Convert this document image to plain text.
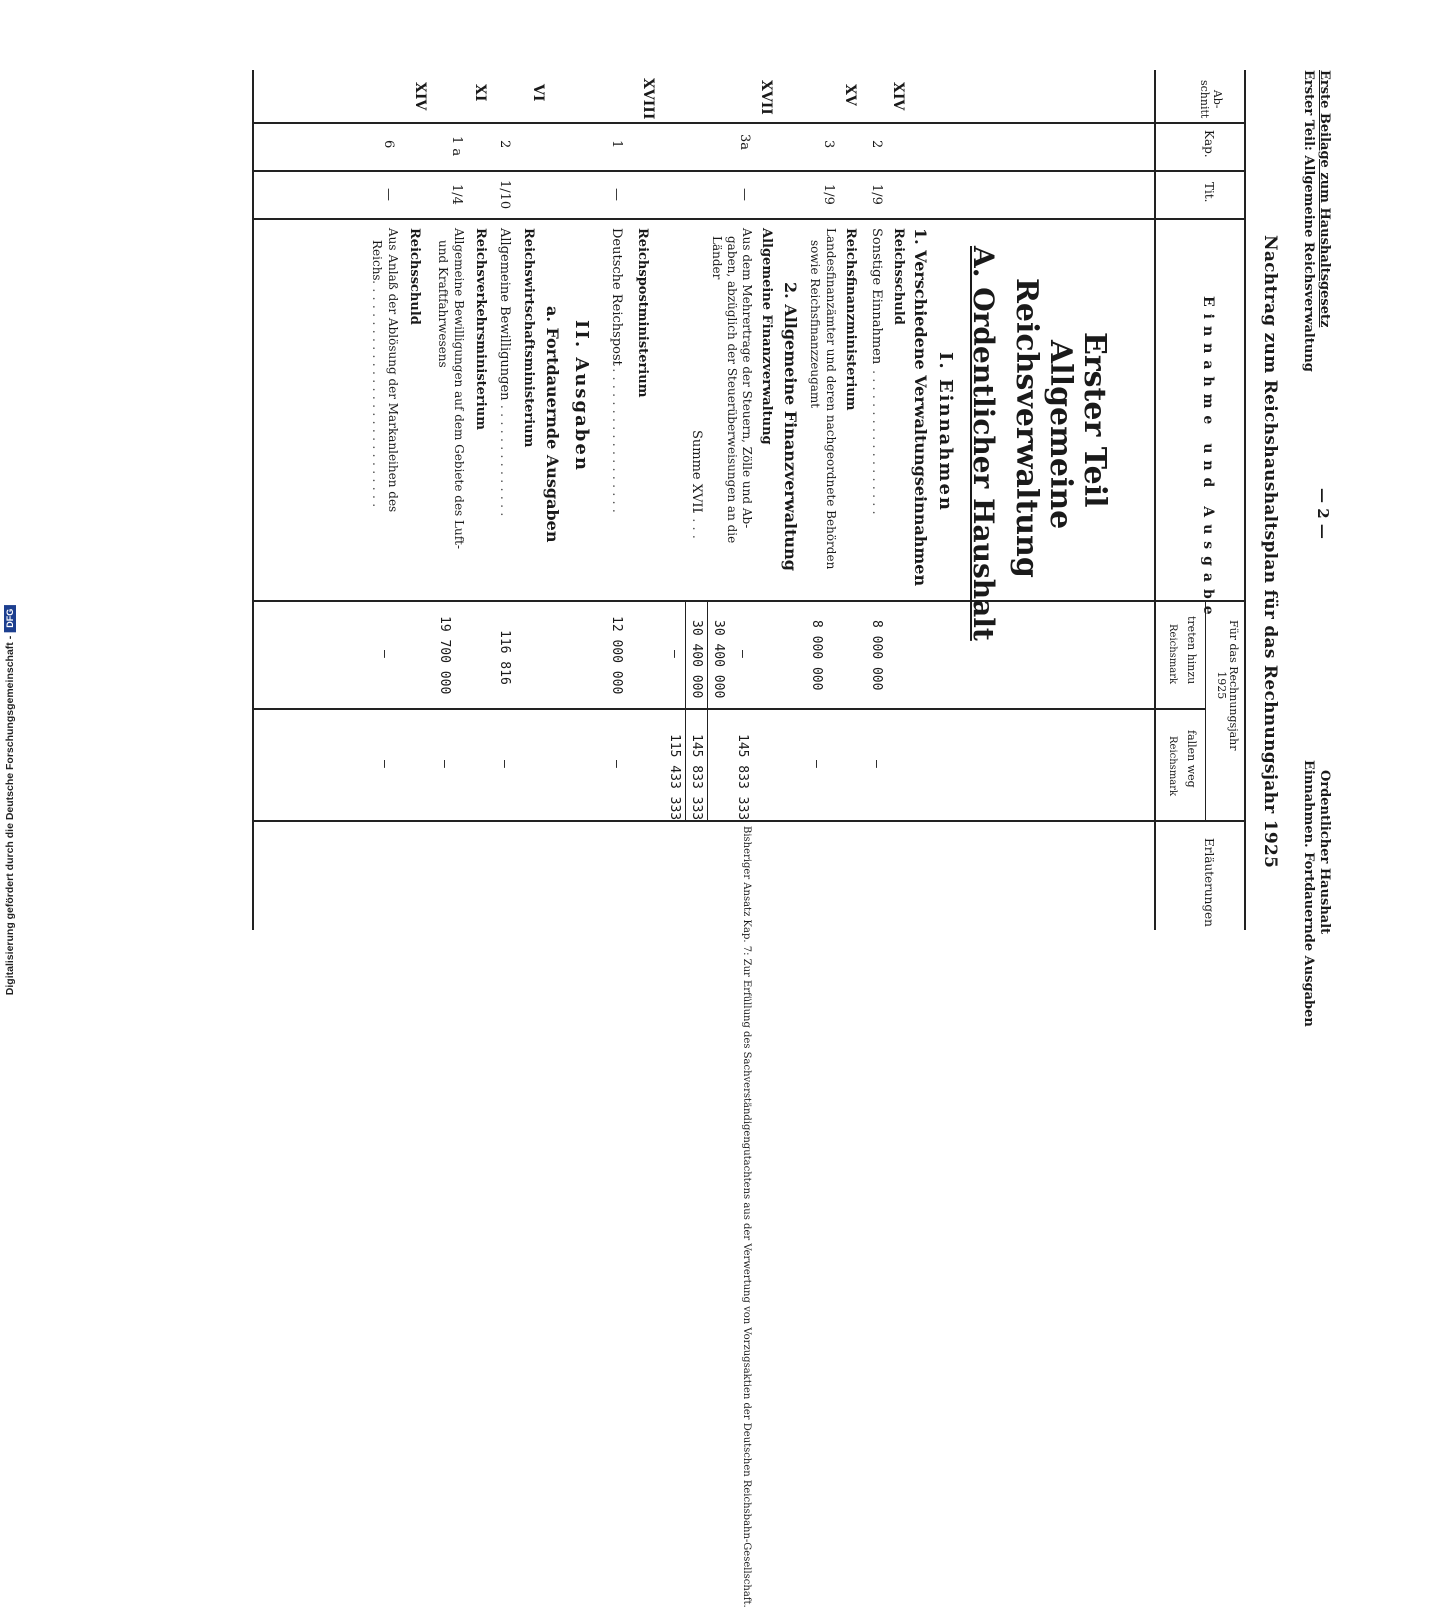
Digitalisierung gefördert durch die Deutsche Forschungsgemeinschaft -DFG
Erste Beilage zum Haushaltsgesetz
Erster Teil: Allgemeine Reichsverwaltung
— 2 —
Ordentlicher Haushalt
Einnahmen. Fortdauernde Ausgaben
Nachtrag zum Reichshaushaltsplan für das Rechnungsjahr 1925
Ab-
schnitt
Kap.
Tit.
Einnahme und Ausgabe
Für das Rechnungsjahr
1925
treten hinzu
Reichsmark
fallen weg
Reichsmark
Erläuterungen
Erster Teil
Allgemeine
Reichsverwaltung
A. Ordentlicher Haushalt
I. Einnahmen
1. Verschiedene Verwaltungseinnahmen
XIV
Reichsschuld
2
1/9
Sonstige Einnahmen
. . . . . . . . . . . . . . . . . .
8 000 000
—
XV
Reichsfinanzministerium
3
1/9
Landesfinanzämter und deren nachgeordnete Behörden
sowie Reichsfinanzzeugamt
8 000 000
—
2. Allgemeine Finanzverwaltung
XVII
Allgemeine Finanzverwaltung
3a
—
Aus dem Mehrertrage der Steuern, Zölle und Ab-
gaben, abzüglich der Steuerüberweisungen an die
Länder
30 400 000 —
145 833 333
Summe XVII
. . . .
30 400 000
145 833 333
—
115 433 333
Bisheriger Ansatz Kap. 7: Zur Erfüllung des Sachverständigengutachtens aus der Verwertung von Vorzugsaktien der Deutschen Reichsbahn-Gesellschaft.
XVIII
Reichspostministerium
1
—
Deutsche Reichspost
. . . . . . . . . . . . . . . . . . .
12 000 000
—
II. Ausgaben
a. Fortdauernde Ausgaben
VI
Reichswirtschaftsministerium
2
1/10
Allgemeine Bewilligungen
. . . . . . . . . . . . . . . . .
116 816
—
XI
Reichsverkehrsministerium
1 a
1/4
Allgemeine Bewilligungen auf dem Gebiete des Luft-
und Kraftfahrwesens
19 700 000
—
XIV
Reichsschuld
6
—
Aus Anlaß der Ablösung der Markanleihen des
Reichs
. . . . . . . . . . . . . . . . . . . . . . . . . . . .
—
—
